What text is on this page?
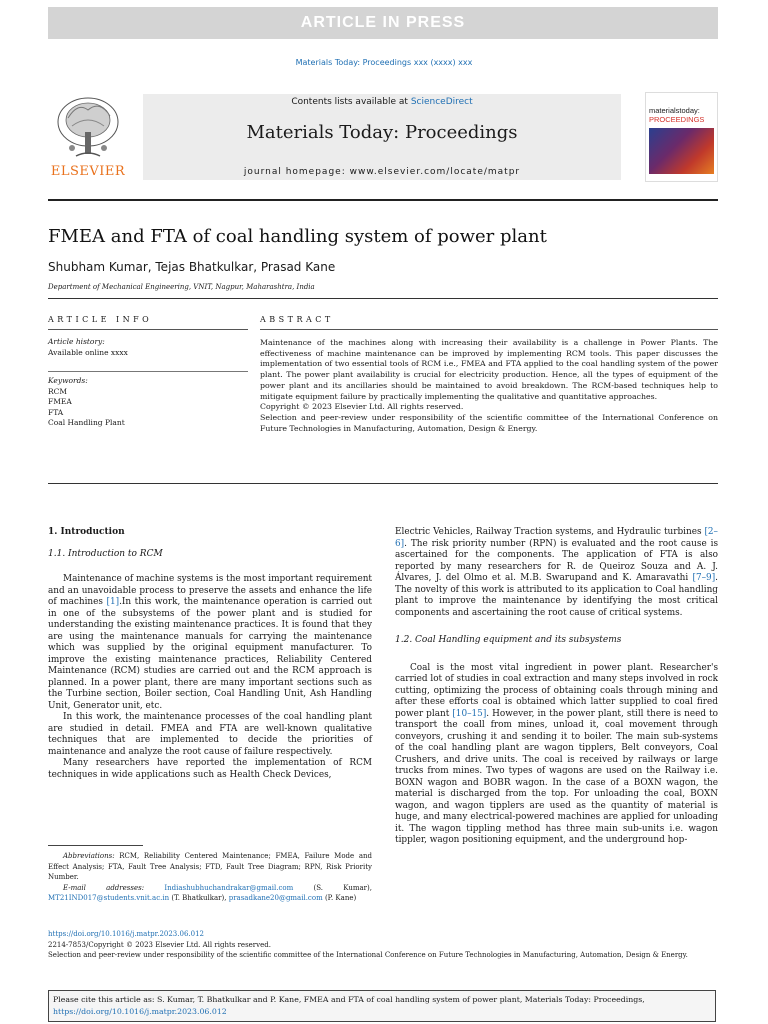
ARTICLE IN PRESS
Materials Today: Proceedings xxx (xxxx) xxx
ELSEVIER
Contents lists available at ScienceDirect
Materials Today: Proceedings
journal homepage: www.elsevier.com/locate/matpr
materialstoday:
PROCEEDINGS
FMEA and FTA of coal handling system of power plant
Shubham Kumar, Tejas Bhatkulkar, Prasad Kane
Department of Mechanical Engineering, VNIT, Nagpur, Maharashtra, India
ARTICLE INFO
Article history:
Available online xxxx
Keywords:
RCM
FMEA
FTA
Coal Handling Plant
ABSTRACT
Maintenance of the machines along with increasing their availability is a challenge in Power Plants. The effectiveness of machine maintenance can be improved by implementing RCM tools. This paper discusses the implementation of two essential tools of RCM i.e., FMEA and FTA applied to the coal handling system of the power plant. The power plant availability is crucial for electricity production. Hence, all the types of equipment of the power plant and its ancillaries should be maintained to avoid breakdown. The RCM-based techniques help to mitigate equipment failure by practically implementing the qualitative and quantitative approaches.
Copyright © 2023 Elsevier Ltd. All rights reserved.
Selection and peer-review under responsibility of the scientific committee of the International Conference on Future Technologies in Manufacturing, Automation, Design & Energy.
1. Introduction
1.1. Introduction to RCM

Maintenance of machine systems is the most important requirement and an unavoidable process to preserve the assets and enhance the life of machines [1].In this work, the maintenance operation is carried out in one of the subsystems of the power plant and is studied for understanding the existing maintenance practices. It is found that they are using the maintenance manuals for carrying the maintenance which was supplied by the original equipment manufacturer. To improve the existing maintenance practices, Reliability Centered Maintenance (RCM) studies are carried out and the RCM approach is planned. In a power plant, there are many important sections such as the Turbine section, Boiler section, Coal Handling Unit, Ash Handling Unit, Generator unit, etc.

In this work, the maintenance processes of the coal handling plant are studied in detail. FMEA and FTA are well-known qualitative techniques that are implemented to decide the priorities of maintenance and analyze the root cause of failure respectively.

Many researchers have reported the implementation of RCM techniques in wide applications such as Health Check Devices,

Abbreviations: RCM, Reliability Centered Maintenance; FMEA, Failure Mode and Effect Analysis; FTA, Fault Tree Analysis; FTD, Fault Tree Diagram; RPN, Risk Priority Number.
E-mail addresses:	Indiashubhuchandrakar@gmail.com (S. Kumar), MT21IND017@students.vnit.ac.in (T. Bhatkulkar), prasadkane20@gmail.com (P. Kane)

Electric Vehicles, Railway Traction systems, and Hydraulic turbines [2–6]. The risk priority number (RPN) is evaluated and the root cause is ascertained for the components. The application of FTA is also reported by many researchers for R. de Queiroz Souza and A. J. Álvares, J. del Olmo et al. M.B. Swarupand and K. Amaravathi [7–9]. The novelty of this work is attributed to its application to Coal handling plant to improve the maintenance by identifying the most critical components and ascertaining the root cause of critical systems.

1.2. Coal Handling equipment and its subsystems

Coal is the most vital ingredient in power plant. Researcher's carried lot of studies in coal extraction and many steps involved in rock cutting, optimizing the process of obtaining coals through mining and after these efforts coal is obtained which latter supplied to coal fired power plant [10–15]. However, in the power plant, still there is need to transport the coall from mines, unload it, coal movement through conveyors, crushing it and sending it to boiler. The main sub-systems of the coal handling plant are wagon tipplers, Belt conveyors, Coal Crushers, and drive units. The coal is received by railways or large trucks from mines. Two types of wagons are used on the Railway i.e. BOXN wagon and BOBR wagon. In the case of a BOXN wagon, the material is discharged from the top. For unloading the coal, BOXN wagon, and wagon tipplers are used as the quantity of material is huge, and many electrical-powered machines are applied for unloading it. The wagon tippling method has three main sub-units i.e. wagon tippler, wagon positioning equipment, and the underground hop-

https://doi.org/10.1016/j.matpr.2023.06.012
2214-7853/Copyright © 2023 Elsevier Ltd. All rights reserved.
Selection and peer-review under responsibility of the scientific committee of the International Conference on Future Technologies in Manufacturing, Automation, Design & Energy.
Please cite this article as: S. Kumar, T. Bhatkulkar and P. Kane, FMEA and FTA of coal handling system of power plant, Materials Today: Proceedings, https://doi.org/10.1016/j.matpr.2023.06.012
